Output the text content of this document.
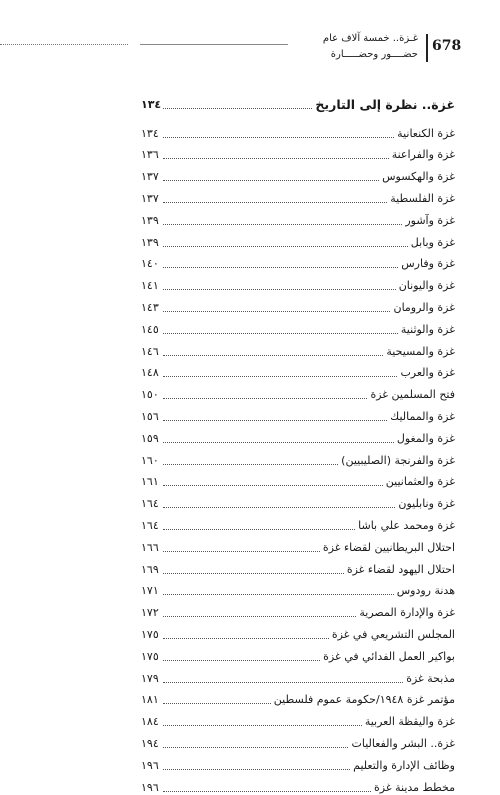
غـزة.. خمسة آلاف عام
حضــــور وحضـــــارة
678
غزة.. نظرة إلى التاريخ
١٣٤
غزة الكنعانية
١٣٤
غزة والفراعنة
١٣٦
غزة والهكسوس
١٣٧
غزة الفلسطية
١٣٧
غزة وآشور
١٣٩
غزة وبابل
١٣٩
غزة وفارس
١٤٠
غزة واليونان
١٤١
غزة والرومان
١٤٣
غزة والوثنية
١٤٥
غزة والمسيحية
١٤٦
غزة والعرب
١٤٨
فتح المسلمين غزة
١٥٠
غزة والمماليك
١٥٦
غزة والمغول
١٥٩
غزة والفرنجة (الصليبيين)
١٦٠
غزة والعثمانيين
١٦١
غزة ونابليون
١٦٤
غزة ومحمد علي باشا
١٦٤
احتلال البريطانيين لقضاء غزة
١٦٦
احتلال اليهود لقضاء غزة
١٦٩
هدنة رودوس
١٧١
غزة والإدارة المصرية
١٧٢
المجلس التشريعي في غزة
١٧٥
بواكير العمل الفدائي في غزة
١٧٥
مذبحة غزة
١٧٩
مؤتمر غزة ١٩٤٨/حكومة عموم فلسطين
١٨١
غزة واليقظة العربية
١٨٤
غزة.. البشر والفعاليات
١٩٤
وظائف الإدارة والتعليم
١٩٦
مخطط مدينة غزة
١٩٦
